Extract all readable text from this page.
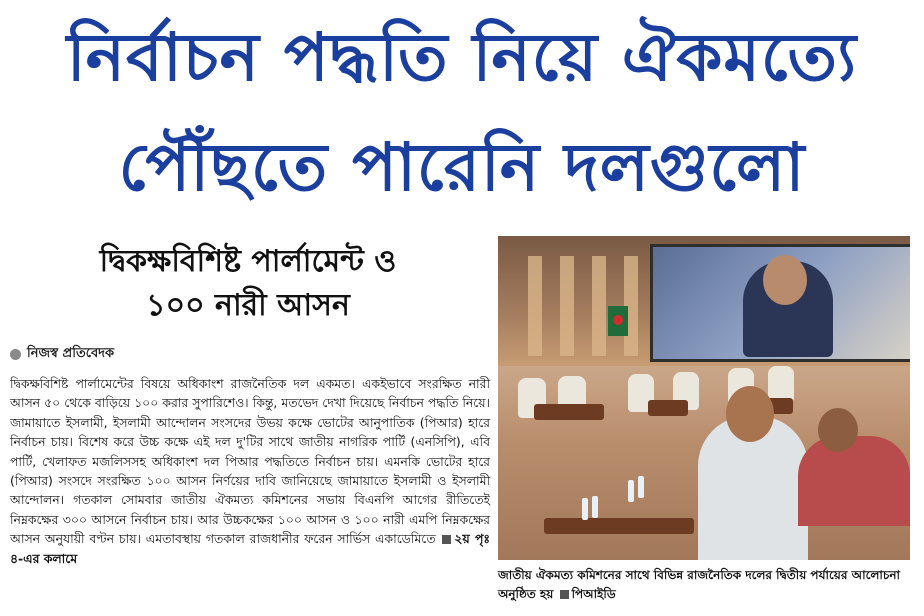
নির্বাচন পদ্ধতি নিয়ে ঐকমত্যে
পৌঁছতে পারেনি দলগুলো
দ্বিকক্ষবিশিষ্ট পার্লামেন্ট ও
১০০ নারী আসন
নিজস্ব প্রতিবেদক
দ্বিকক্ষবিশিষ্ট পার্লামেন্টের বিষয়ে অধিকাংশ রাজনৈতিক দল একমত। একইভাবে সংরক্ষিত নারী আসন ৫০ থেকে বাড়িয়ে ১০০ করার সুপারিশেও। কিন্তু, মতভেদ দেখা দিয়েছে নির্বাচন পদ্ধতি নিয়ে। জামায়াতে ইসলামী, ইসলামী আন্দোলন সংসদের উভয় কক্ষে ভোটের আনুপাতিক (পিআর) হারে নির্বাচন চায়। বিশেষ করে উচ্চ কক্ষে এই দল দু'টির সাথে জাতীয় নাগরিক পার্টি (এনসিপি), এবি পার্টি, খেলাফত মজলিসসহ অধিকাংশ দল পিআর পদ্ধতিতে নির্বাচন চায়। এমনকি ভোটের হারে (পিআর) সংসদে সংরক্ষিত ১০০ আসন নির্ণয়ের দাবি জানিয়েছে জামায়াতে ইসলামী ও ইসলামী আন্দোলন। গতকাল সোমবার জাতীয় ঐকমত্য কমিশনের সভায় বিএনপি আগের রীতিতেই নিম্নকক্ষের ৩০০ আসনে নির্বাচন চায়। আর উচ্চকক্ষের ১০০ আসন ও ১০০ নারী এমপি নিম্নকক্ষের আসন অনুযায়ী বণ্টন চায়। এমতাবস্থায় গতকাল রাজধানীর ফরেন সার্ভিস একাডেমিতে ২য় পৃঃ ৪-এর কলামে
জাতীয় ঐকমত্য কমিশনের সাথে বিভিন্ন রাজনৈতিক দলের দ্বিতীয় পর্যায়ের আলোচনা অনুষ্ঠিত হয় পিআইডি
